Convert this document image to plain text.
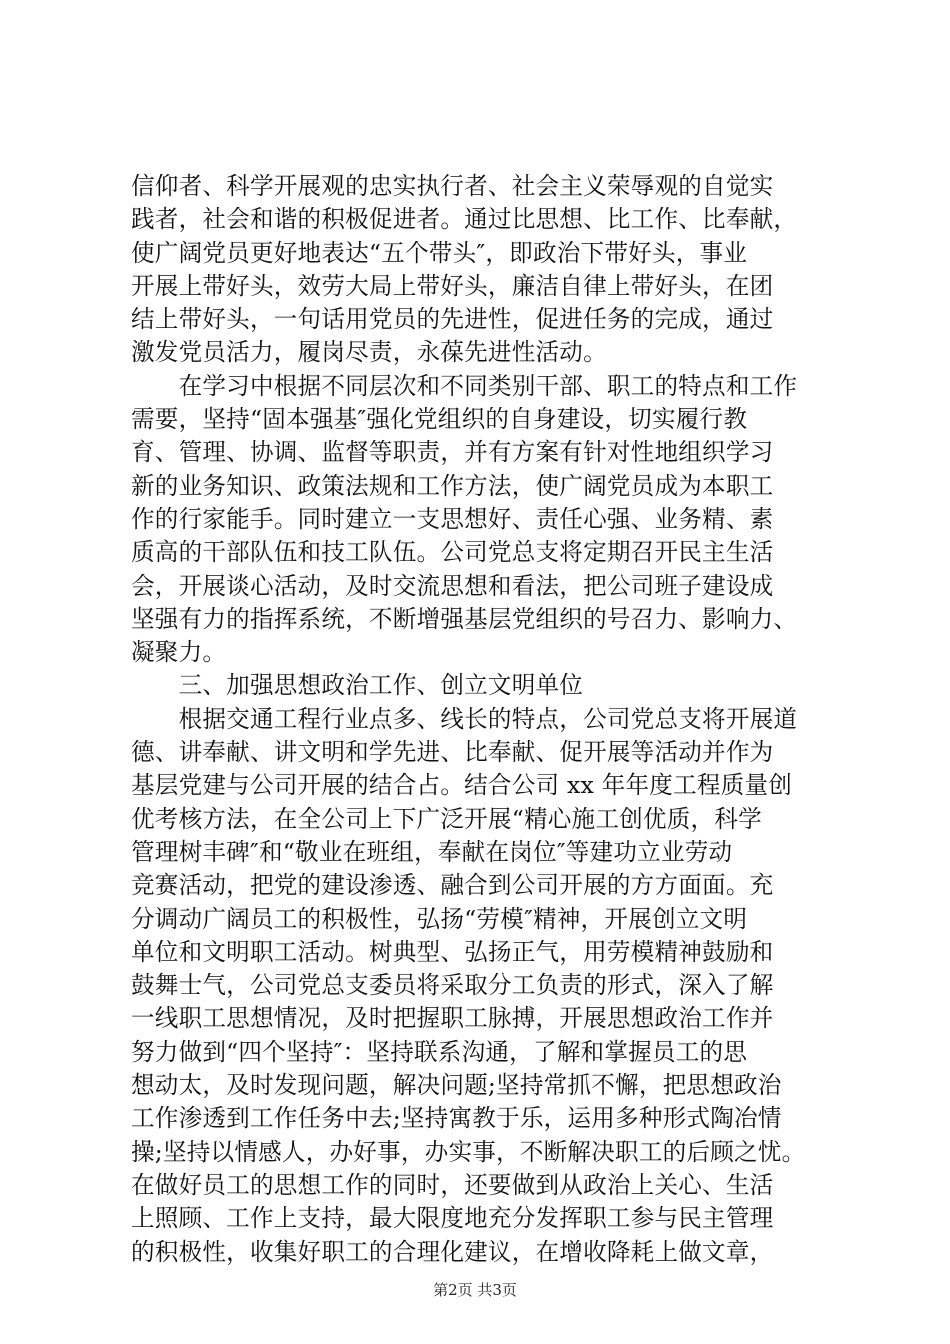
信仰者、科学开展观的忠实执行者、社会主义荣辱观的自觉实
践者，社会和谐的积极促进者。通过比思想、比工作、比奉献，
使广阔党员更好地表达“五个带头″，即政治下带好头，事业
开展上带好头，效劳大局上带好头，廉洁自律上带好头，在团
结上带好头，一句话用党员的先进性，促进任务的完成，通过
激发党员活力，履岗尽责，永葆先进性活动。
　　在学习中根据不同层次和不同类别干部、职工的特点和工作
需要，坚持“固本强基″强化党组织的自身建设，切实履行教
育、管理、协调、监督等职责，并有方案有针对性地组织学习
新的业务知识、政策法规和工作方法，使广阔党员成为本职工
作的行家能手。同时建立一支思想好、责任心强、业务精、素
质高的干部队伍和技工队伍。公司党总支将定期召开民主生活
会，开展谈心活动，及时交流思想和看法，把公司班子建设成
坚强有力的指挥系统，不断增强基层党组织的号召力、影响力、
凝聚力。
　　三、加强思想政治工作、创立文明单位
　　根据交通工程行业点多、线长的特点，公司党总支将开展道
德、讲奉献、讲文明和学先进、比奉献、促开展等活动并作为
基层党建与公司开展的结合占。结合公司 xx 年年度工程质量创
优考核方法，在全公司上下广泛开展“精心施工创优质，科学
管理树丰碑″和“敬业在班组，奉献在岗位″等建功立业劳动
竞赛活动，把党的建设渗透、融合到公司开展的方方面面。充
分调动广阔员工的积极性，弘扬“劳模″精神，开展创立文明
单位和文明职工活动。树典型、弘扬正气，用劳模精神鼓励和
鼓舞士气，公司党总支委员将采取分工负责的形式，深入了解
一线职工思想情况，及时把握职工脉搏，开展思想政治工作并
努力做到“四个坚持″：坚持联系沟通，了解和掌握员工的思
想动太，及时发现问题，解决问题;坚持常抓不懈，把思想政治
工作渗透到工作任务中去;坚持寓教于乐，运用多种形式陶冶情
操;坚持以情感人，办好事，办实事，不断解决职工的后顾之忧。
在做好员工的思想工作的同时，还要做到从政治上关心、生活
上照顾、工作上支持，最大限度地充分发挥职工参与民主管理
的积极性，收集好职工的合理化建议，在增收降耗上做文章，
第2页 共3页
